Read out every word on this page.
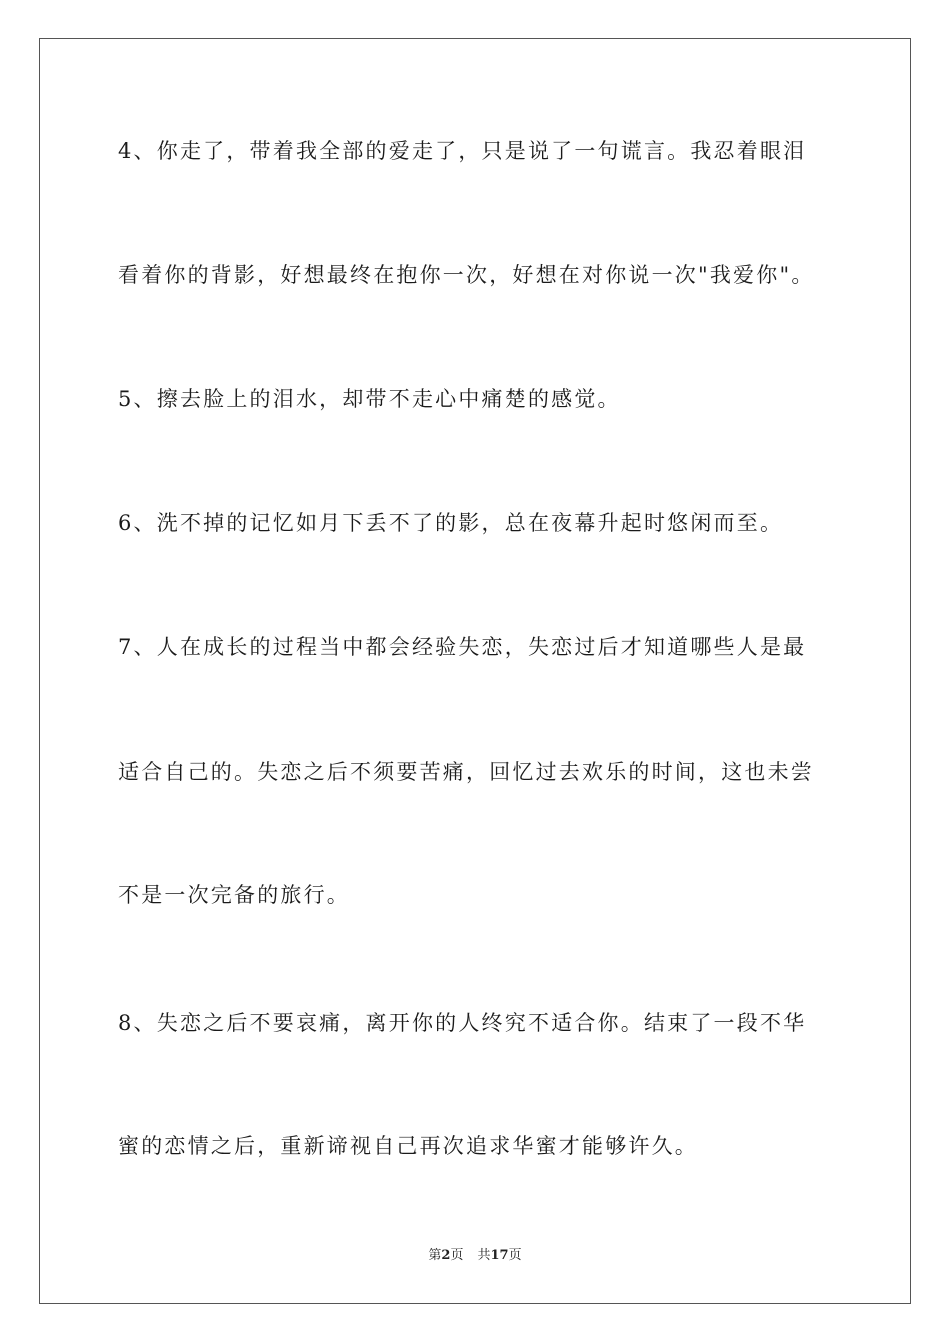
4、你走了，带着我全部的爱走了，只是说了一句谎言。我忍着眼泪
看着你的背影，好想最终在抱你一次，好想在对你说一次"我爱你"。
5、擦去脸上的泪水，却带不走心中痛楚的感觉。
6、洗不掉的记忆如月下丢不了的影，总在夜幕升起时悠闲而至。
7、人在成长的过程当中都会经验失恋，失恋过后才知道哪些人是最
适合自己的。失恋之后不须要苦痛，回忆过去欢乐的时间，这也未尝
不是一次完备的旅行。
8、失恋之后不要哀痛，离开你的人终究不适合你。结束了一段不华
蜜的恋情之后，重新谛视自己再次追求华蜜才能够许久。
第2页 共17页
